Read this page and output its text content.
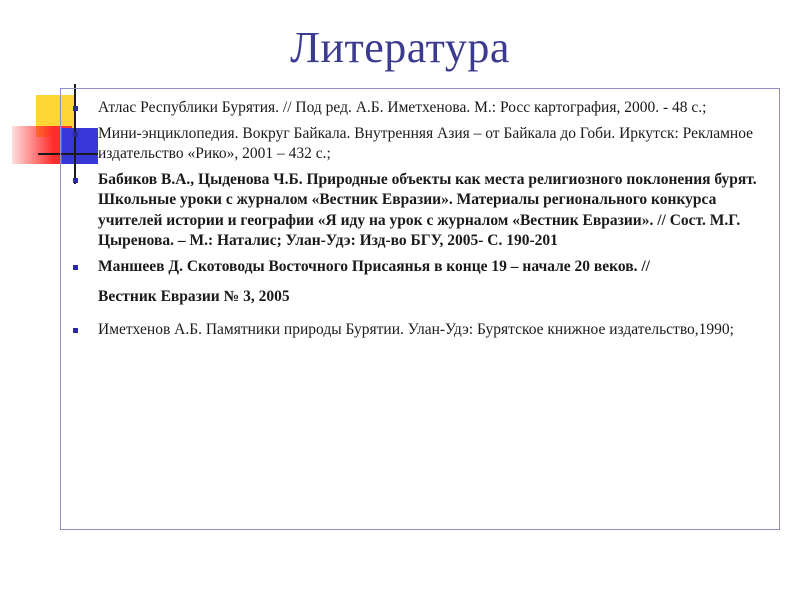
Литература
Атлас Республики Бурятия. // Под ред. А.Б. Иметхенова. М.: Росс картография, 2000. - 48 с.;
Мини-энциклопедия. Вокруг Байкала. Внутренняя Азия – от Байкала до Гоби. Иркутск: Рекламное издательство «Рико», 2001 – 432 с.;
Бабиков В.А., Цыденова Ч.Б. Природные объекты как места религиозного поклонения бурят. Школьные уроки с журналом «Вестник Евразии». Материалы регионального конкурса учителей истории и географии «Я иду на урок с журналом «Вестник Евразии». // Сост. М.Г. Цыренова. – М.: Наталис; Улан-Удэ: Изд-во БГУ, 2005- С. 190-201
Маншеев Д. Скотоводы Восточного Присаянья в конце 19 – начале 20 веков. //
Вестник Евразии № 3, 2005
Иметхенов А.Б. Памятники природы Бурятии. Улан-Удэ: Бурятское книжное издательство,1990;
